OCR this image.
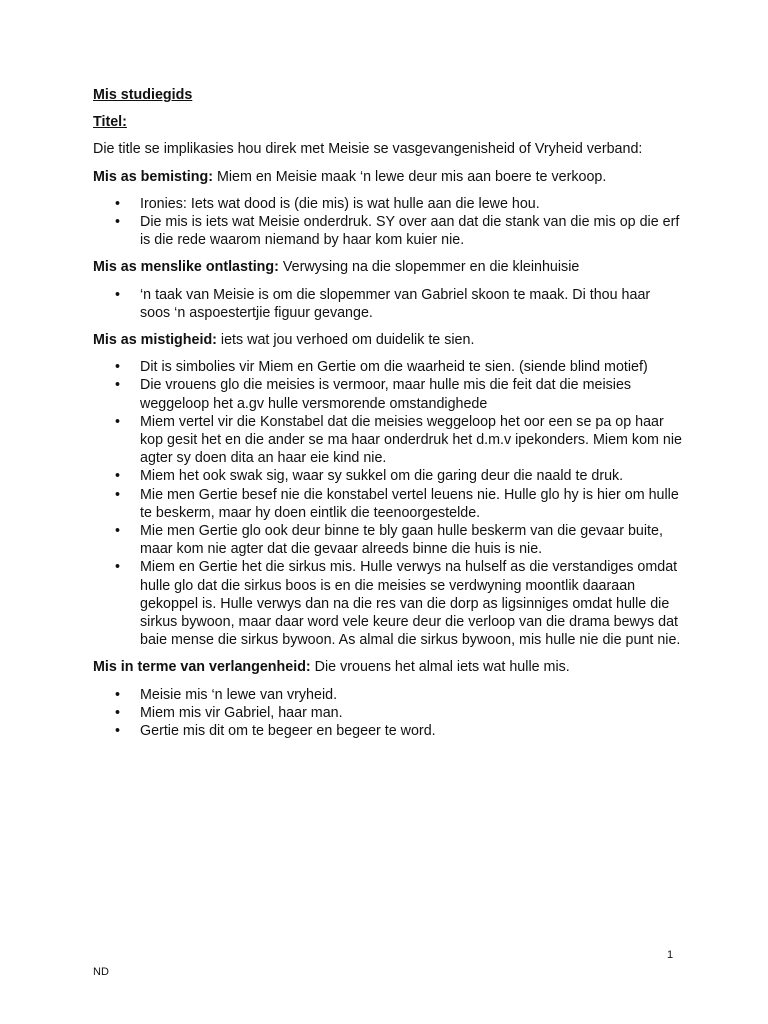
Mis studiegids

Titel:

Die title se implikasies hou direk met Meisie se vasgevangenisheid of Vryheid verband:

Mis as bemisting: Miem en Meisie maak ‘n lewe deur mis aan boere te verkoop.

• Ironies: Iets wat dood is (die mis) is wat hulle aan die lewe hou.
• Die mis is iets wat Meisie onderdruk. SY over aan dat die stank van die mis op die erf is die rede waarom niemand by haar kom kuier nie.

Mis as menslike ontlasting: Verwysing na die slopemmer en die kleinhuisie

• ‘n taak van Meisie is om die slopemmer van Gabriel skoon te maak. Di thou haar soos ‘n aspoestertjie figuur gevange.

Mis as mistigheid: iets wat jou verhoed om duidelik te sien.

• Dit is simbolies vir Miem en Gertie om die waarheid te sien. (siende blind motief)
• Die vrouens glo die meisies is vermoor, maar hulle mis die feit dat die meisies weggeloop het a.gv hulle versmorende omstandighede
• Miem vertel vir die Konstabel dat die meisies weggeloop het oor een se pa op haar kop gesit het en die ander se ma haar onderdruk het d.m.v ipekonders. Miem kom nie agter sy doen dita an haar eie kind nie.
• Miem het ook swak sig, waar sy sukkel om die garing deur die naald te druk.
• Mie men Gertie besef nie die konstabel vertel leuens nie. Hulle glo hy is hier om hulle te beskerm, maar hy doen eintlik die teenoorgestelde.
• Mie men Gertie glo ook deur binne te bly gaan hulle beskerm van die gevaar buite, maar kom nie agter dat die gevaar alreeds binne die huis is nie.
• Miem en Gertie het die sirkus mis. Hulle verwys na hulself as die verstandiges omdat hulle glo dat die sirkus boos is en die meisies se verdwyning moontlik daaraan gekoppel is. Hulle verwys dan na die res van die dorp as ligsinniges omdat hulle die sirkus bywoon, maar daar word vele keure deur die verloop van die drama bewys dat baie mense die sirkus bywoon. As almal die sirkus bywoon, mis hulle nie die punt nie.

Mis in terme van verlangenheid: Die vrouens het almal iets wat hulle mis.

• Meisie mis ‘n lewe van vryheid.
• Miem mis vir Gabriel, haar man.
• Gertie mis dit om te begeer en begeer te word.
1
ND
